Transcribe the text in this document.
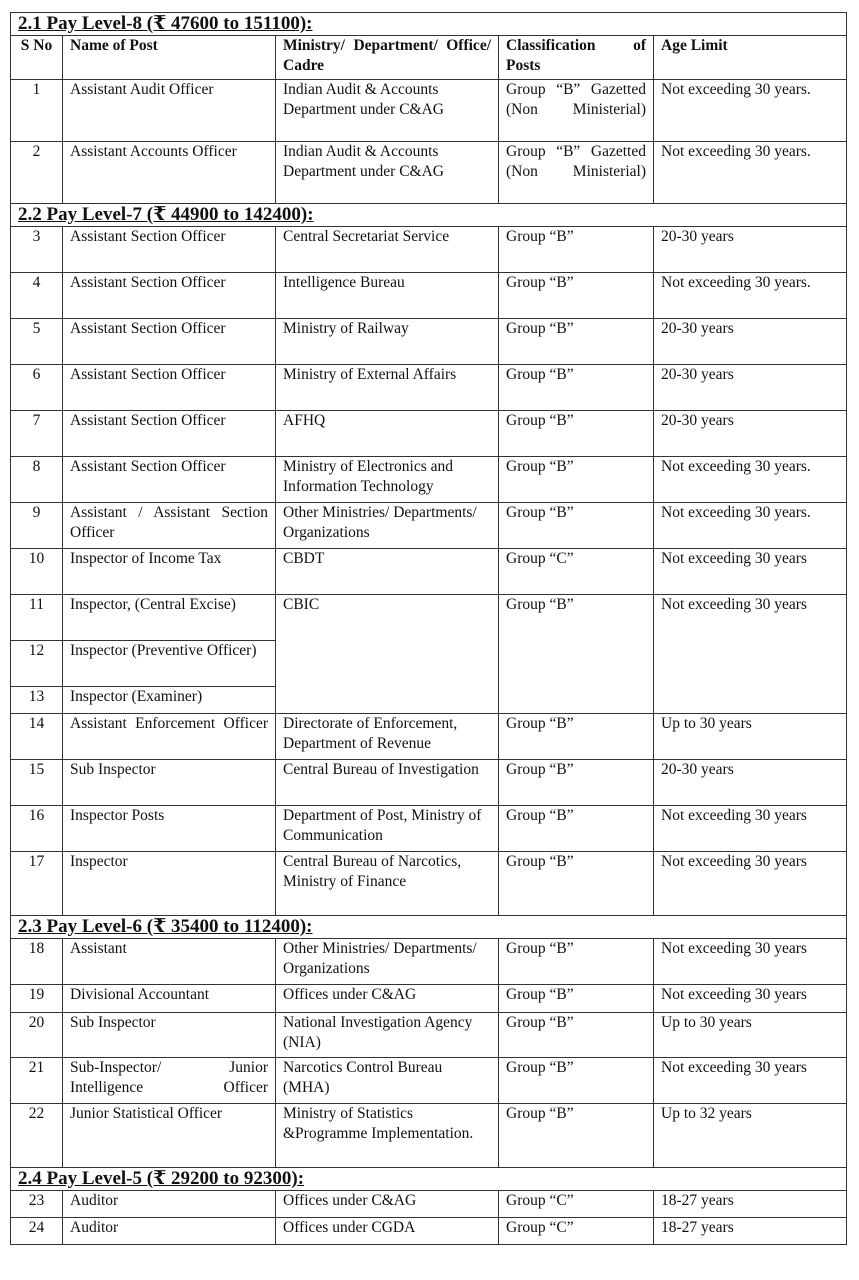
2.1 Pay Level-8 (₹ 47600 to 151100):				
S No	Name of Post	Ministry/ Department/ Office/ Cadre	Classification of Posts	Age Limit
1	Assistant Audit Officer	Indian Audit & Accounts Department under C&AG	Group “B” Gazetted (Non Ministerial)	Not exceeding 30 years.
2	Assistant Accounts Officer	Indian Audit & Accounts Department under C&AG	Group “B” Gazetted (Non Ministerial)	Not exceeding 30 years.
2.2 Pay Level-7 (₹ 44900 to 142400):				
3	Assistant Section Officer	Central Secretariat Service	Group “B”	20-30 years
4	Assistant Section Officer	Intelligence Bureau	Group “B”	Not exceeding 30 years.
5	Assistant Section Officer	Ministry of Railway	Group “B”	20-30 years
6	Assistant Section Officer	Ministry of External Affairs	Group “B”	20-30 years
7	Assistant Section Officer	AFHQ	Group “B”	20-30 years
8	Assistant Section Officer	Ministry of Electronics and Information Technology	Group “B”	Not exceeding 30 years.
9	Assistant / Assistant Section Officer	Other Ministries/ Departments/ Organizations	Group “B”	Not exceeding 30 years.
10	Inspector of Income Tax	CBDT	Group “C”	Not exceeding 30 years
11	Inspector, (Central Excise)	CBIC	Group “B”	Not exceeding 30 years
12	Inspector (Preventive Officer)			
13	Inspector (Examiner)			
14	Assistant Enforcement Officer	Directorate of Enforcement, Department of Revenue	Group “B”	Up to 30 years
15	Sub Inspector	Central Bureau of Investigation	Group “B”	20-30 years
16	Inspector Posts	Department of Post, Ministry of Communication	Group “B”	Not exceeding 30 years
17	Inspector	Central Bureau of Narcotics, Ministry of Finance	Group “B”	Not exceeding 30 years
2.3 Pay Level-6 (₹ 35400 to 112400):				
18	Assistant	Other Ministries/ Departments/ Organizations	Group “B”	Not exceeding 30 years
19	Divisional Accountant	Offices under C&AG	Group “B”	Not exceeding 30 years
20	Sub Inspector	National Investigation Agency (NIA)	Group “B”	Up to 30 years
21	Sub-Inspector/ Junior Intelligence Officer	Narcotics Control Bureau (MHA)	Group “B”	Not exceeding 30 years
22	Junior Statistical Officer	Ministry of Statistics &Programme Implementation.	Group “B”	Up to 32 years
2.4 Pay Level-5 (₹ 29200 to 92300):				
23	Auditor	Offices under C&AG	Group “C”	18-27 years
24	Auditor	Offices under CGDA	Group “C”	18-27 years
